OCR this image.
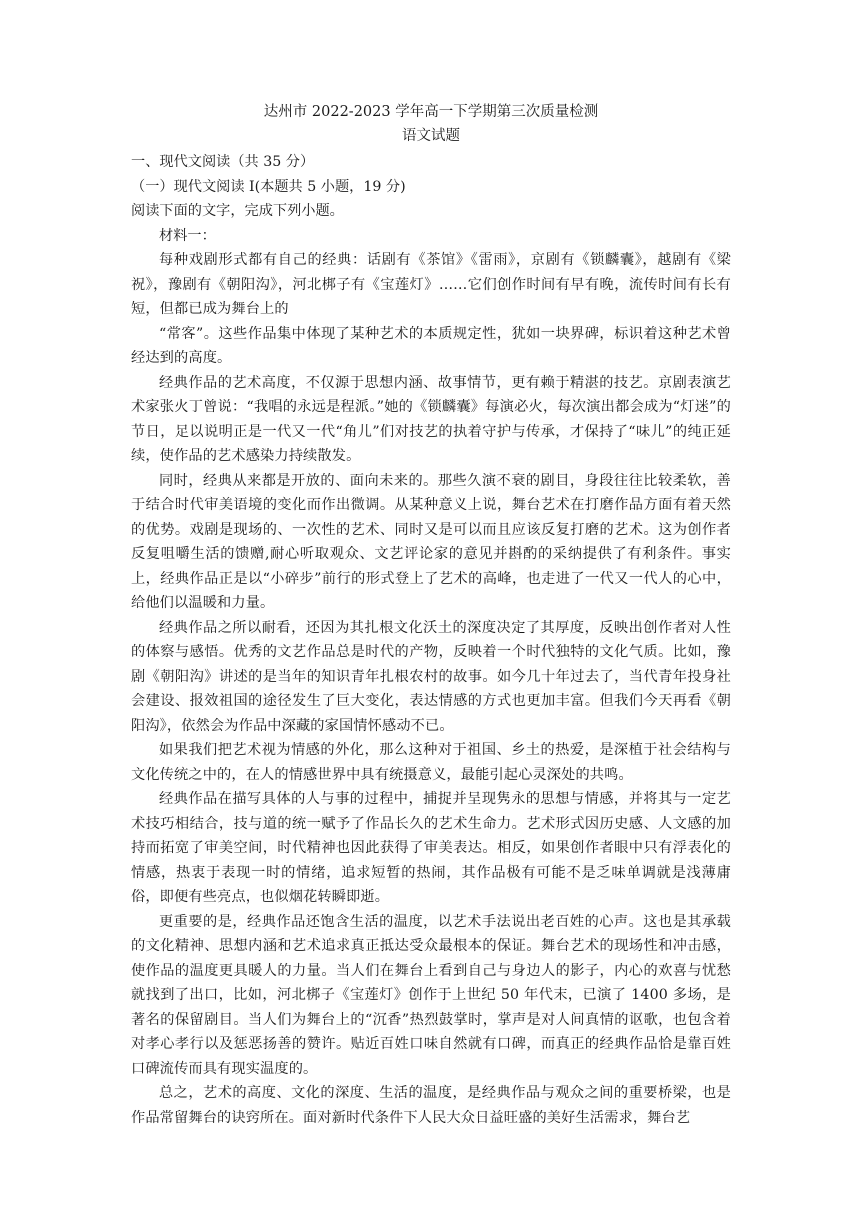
达州市 2022-2023 学年高一下学期第三次质量检测

语文试题

一、现代文阅读（共 35 分）

（一）现代文阅读 I(本题共 5 小题，19 分)

阅读下面的文字，完成下列小题。

材料一：

每种戏剧形式都有自己的经典：话剧有《茶馆》《雷雨》，京剧有《锁麟囊》，越剧有《梁祝》，豫剧有《朝阳沟》，河北梆子有《宝莲灯》……它们创作时间有早有晚，流传时间有长有短，但都已成为舞台上的

“常客”。这些作品集中体现了某种艺术的本质规定性，犹如一块界碑，标识着这种艺术曾经达到的高度。

经典作品的艺术高度，不仅源于思想内涵、故事情节，更有赖于精湛的技艺。京剧表演艺术家张火丁曾说：“我唱的永远是程派。”她的《锁麟囊》每演必火，每次演出都会成为“灯迷”的节日，足以说明正是一代又一代“角儿”们对技艺的执着守护与传承，才保持了“味儿”的纯正延续，使作品的艺术感染力持续散发。

同时，经典从来都是开放的、面向未来的。那些久演不衰的剧目，身段往往比较柔软，善于结合时代审美语境的变化而作出微调。从某种意义上说，舞台艺术在打磨作品方面有着天然的优势。戏剧是现场的、一次性的艺术、同时又是可以而且应该反复打磨的艺术。这为创作者反复咀嚼生活的馈赠,耐心听取观众、文艺评论家的意见并斟酌的采纳提供了有利条件。事实上，经典作品正是以“小碎步”前行的形式登上了艺术的高峰，也走进了一代又一代人的心中，给他们以温暖和力量。

经典作品之所以耐看，还因为其扎根文化沃土的深度决定了其厚度，反映出创作者对人性的体察与感悟。优秀的文艺作品总是时代的产物，反映着一个时代独特的文化气质。比如，豫剧《朝阳沟》讲述的是当年的知识青年扎根农村的故事。如今几十年过去了，当代青年投身社会建设、报效祖国的途径发生了巨大变化，表达情感的方式也更加丰富。但我们今天再看《朝阳沟》，依然会为作品中深藏的家国情怀感动不已。

如果我们把艺术视为情感的外化，那么这种对于祖国、乡土的热爱，是深植于社会结构与文化传统之中的，在人的情感世界中具有统摄意义，最能引起心灵深处的共鸣。

经典作品在描写具体的人与事的过程中，捕捉并呈现隽永的思想与情感，并将其与一定艺术技巧相结合，技与道的统一赋予了作品长久的艺术生命力。艺术形式因历史感、人文感的加持而拓宽了审美空间，时代精神也因此获得了审美表达。相反，如果创作者眼中只有浮表化的情感，热衷于表现一时的情绪，追求短暂的热闹，其作品极有可能不是乏味单调就是浅薄庸俗，即便有些亮点，也似烟花转瞬即逝。

更重要的是，经典作品还饱含生活的温度，以艺术手法说出老百姓的心声。这也是其承载的文化精神、思想内涵和艺术追求真正抵达受众最根本的保证。舞台艺术的现场性和冲击感，使作品的温度更具暖人的力量。当人们在舞台上看到自己与身边人的影子，内心的欢喜与忧愁就找到了出口，比如，河北梆子《宝莲灯》创作于上世纪 50 年代末，已演了 1400 多场，是著名的保留剧目。当人们为舞台上的“沉香”热烈鼓掌时，掌声是对人间真情的讴歌，也包含着对孝心孝行以及惩恶扬善的赞许。贴近百姓口味自然就有口碑，而真正的经典作品恰是靠百姓口碑流传而具有现实温度的。

总之，艺术的高度、文化的深度、生活的温度，是经典作品与观众之间的重要桥梁，也是作品常留舞台的诀窍所在。面对新时代条件下人民大众日益旺盛的美好生活需求，舞台艺
